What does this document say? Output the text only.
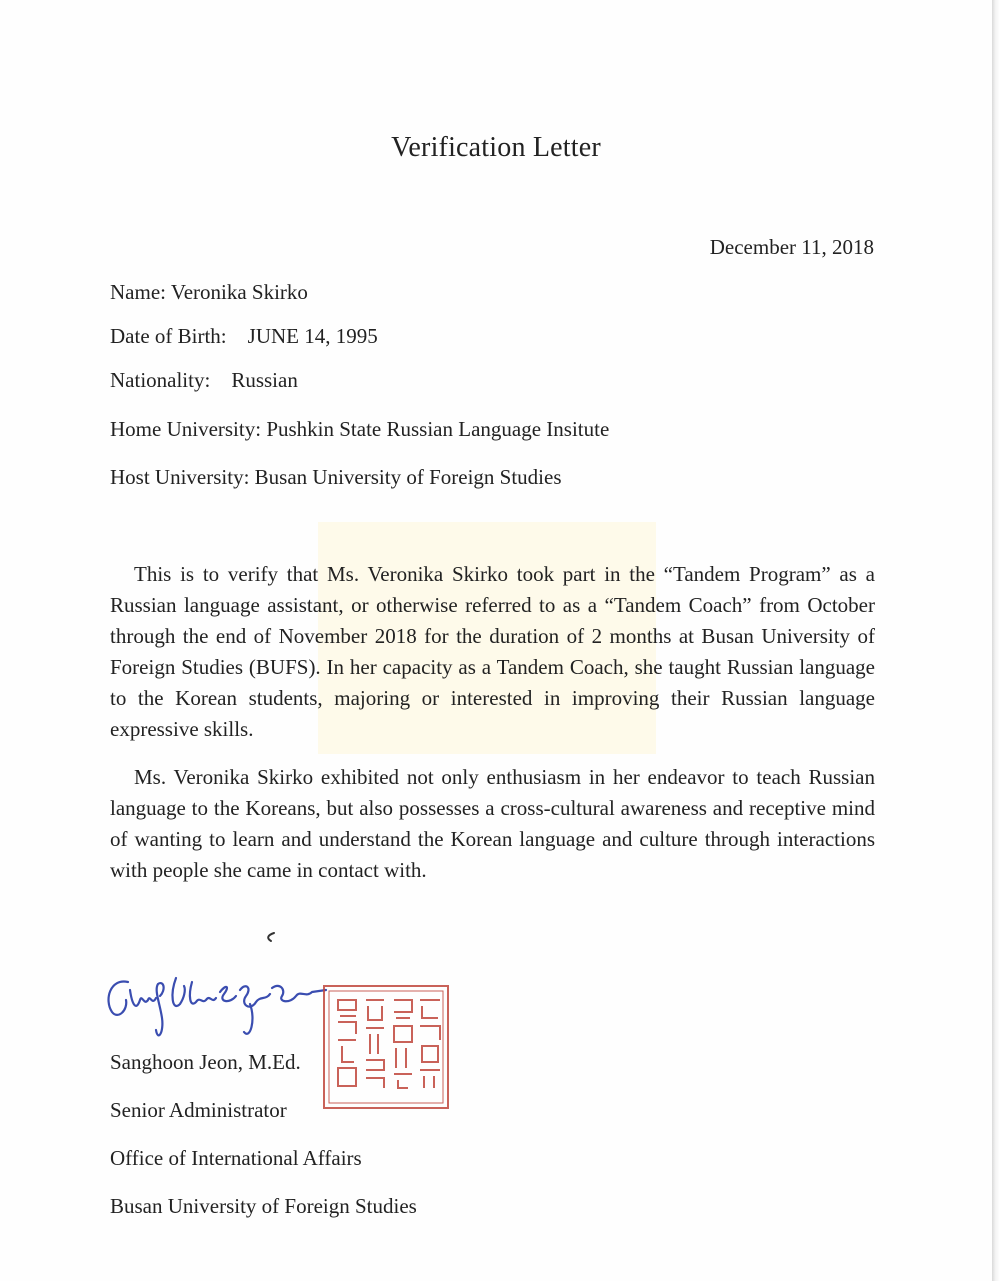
Verification Letter
December 11, 2018
Name: Veronika Skirko
Date of Birth: JUNE 14, 1995
Nationality: Russian
Home University: Pushkin State Russian Language Insitute
Host University: Busan University of Foreign Studies
This is to verify that Ms. Veronika Skirko took part in the “Tandem Program” as a Russian language assistant, or otherwise referred to as a “Tandem Coach” from October through the end of November 2018 for the duration of 2 months at Busan University of Foreign Studies (BUFS). In her capacity as a Tandem Coach, she taught Russian language to the Korean students, majoring or interested in improving their Russian language expressive skills.
Ms. Veronika Skirko exhibited not only enthusiasm in her endeavor to teach Russian language to the Koreans, but also possesses a cross-cultural awareness and receptive mind of wanting to learn and understand the Korean language and culture through interactions with people she came in contact with.
Sanghoon Jeon, M.Ed.
Senior Administrator
Office of International Affairs
Busan University of Foreign Studies
